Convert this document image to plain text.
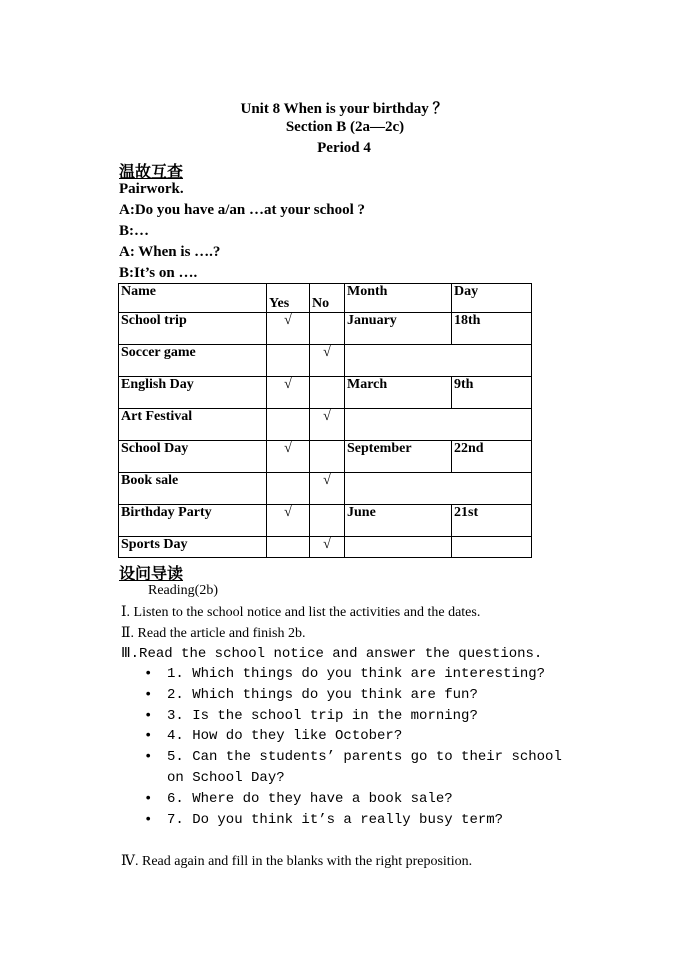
Unit 8 When is your birthday ？
Section B (2a—2c)
Period 4
温故互查
Pairwork.
A:Do you have a/an …at your school ?
B:…
A: When is ….?
B:It’s on ….
Name	Yes	No	Month	Day
School trip	√		January	18th
Soccer game		√		
English Day	√		March	9th
Art Festival		√		
School Day	√		September	22nd
Book sale		√		
Birthday Party	√		June	21st
Sports Day		√		
设问导读
Reading(2b)
Ⅰ. Listen to the school notice and list the activities and the dates.
Ⅱ. Read the article and finish 2b.
Ⅲ.Read the school notice and answer the questions.
• 1. Which things do you think are interesting?
• 2. Which things do you think are fun?
• 3. Is the school trip in the morning?
• 4. How do they like October?
• 5. Can the students’ parents go to their school on School Day?
• 6. Where do they have a book sale?
• 7. Do you think it’s a really busy term?
Ⅳ. Read again and fill in the blanks with the right preposition.
